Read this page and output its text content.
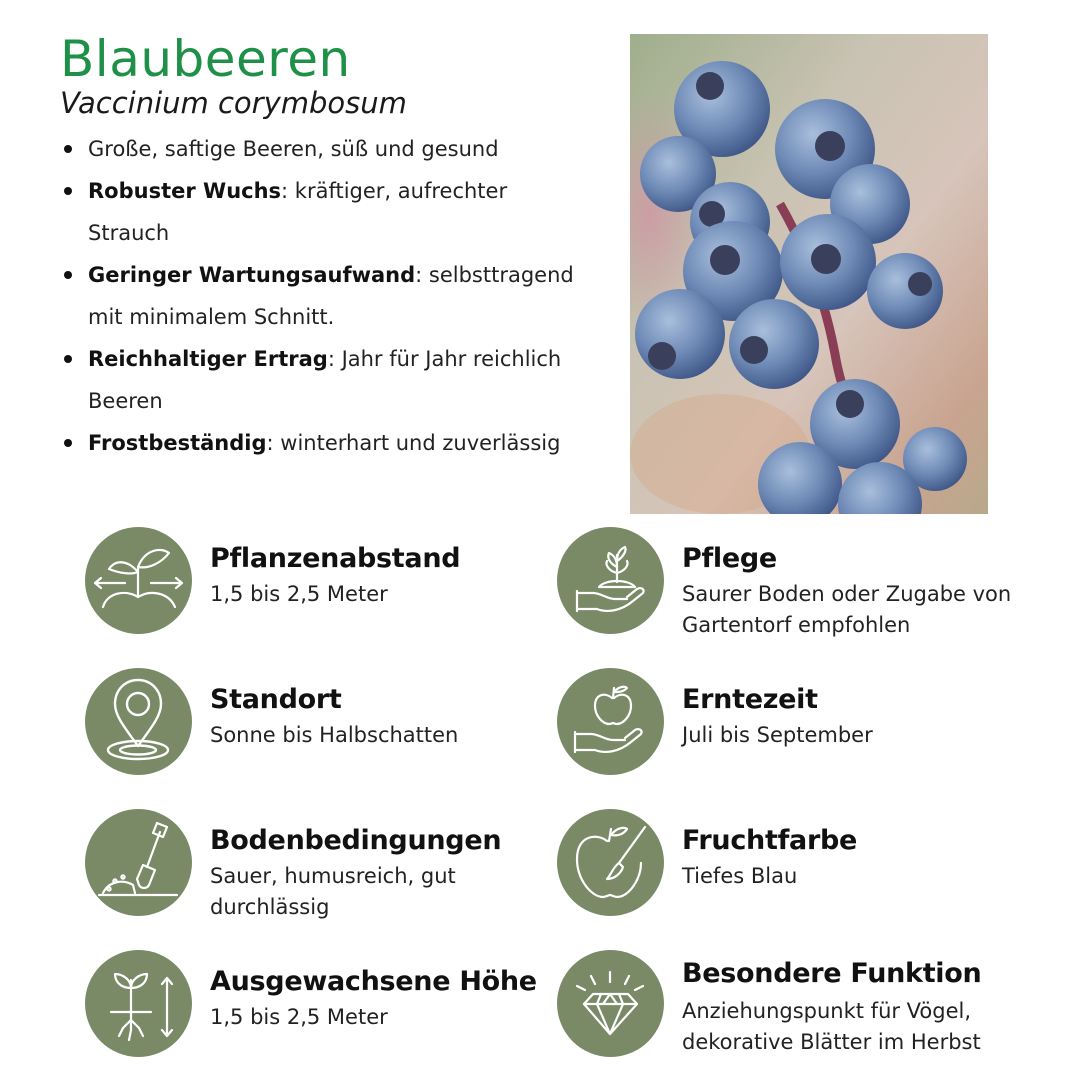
Blaubeeren
Vaccinium corymbosum
Große, saftige Beeren, süß und gesund
Robuster Wuchs: kräftiger, aufrechter Strauch
Geringer Wartungsaufwand: selbsttragend mit minimalem Schnitt.
Reichhaltiger Ertrag: Jahr für Jahr reichlich Beeren
Frostbeständig: winterhart und zuverlässig
Pflanzenabstand
1,5 bis 2,5 Meter
Pflege
Saurer Boden oder Zugabe von Gartentorf empfohlen
Standort
Sonne bis Halbschatten
Erntezeit
Juli bis September
Bodenbedingungen
Sauer, humusreich, gut durchlässig
Fruchtfarbe
Tiefes Blau
Ausgewachsene Höhe
1,5 bis 2,5 Meter
Besondere Funktion
Anziehungspunkt für Vögel, dekorative Blätter im Herbst
